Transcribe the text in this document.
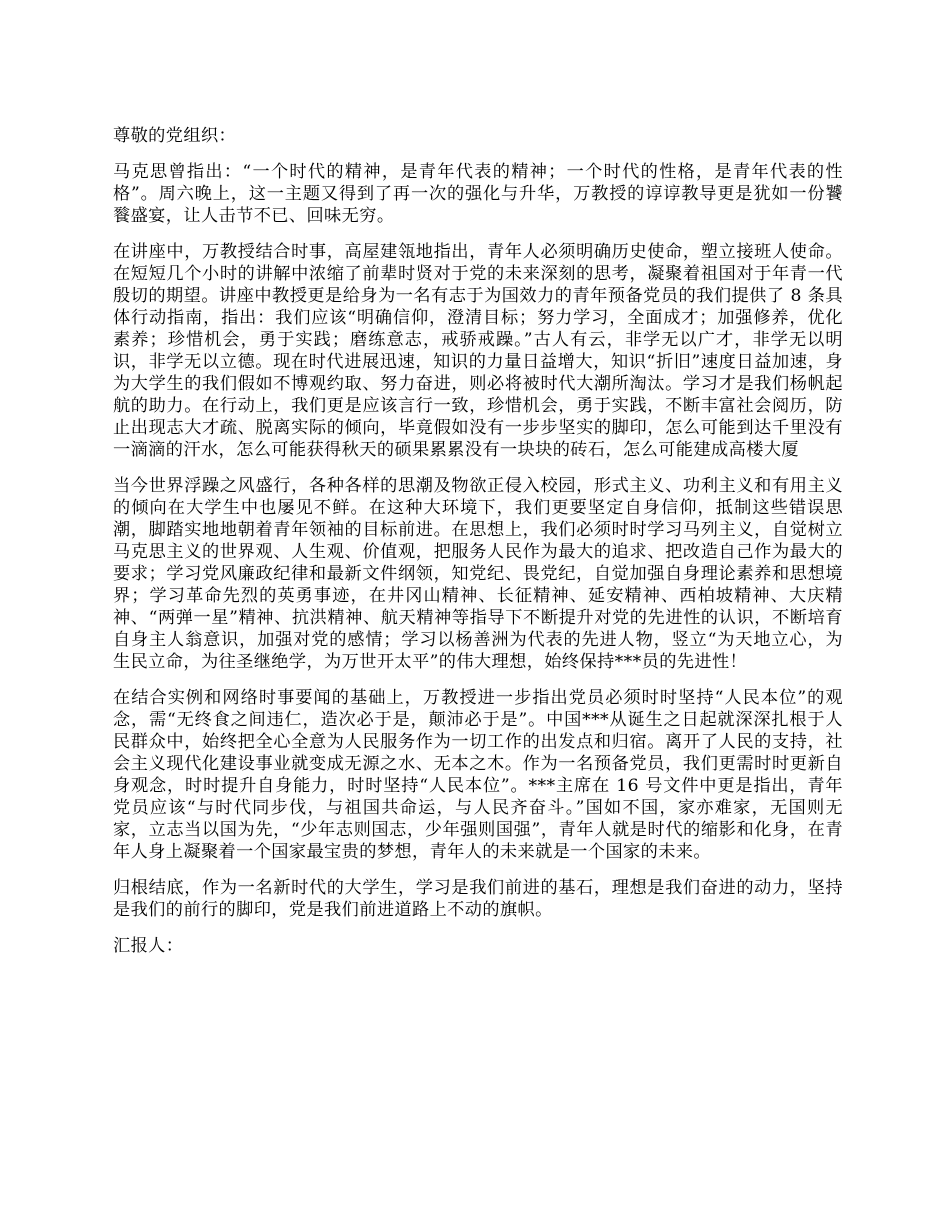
尊敬的党组织：

马克思曾指出：“一个时代的精神，是青年代表的精神；一个时代的性格，是青年代表的性格”。周六晚上，这一主题又得到了再一次的强化与升华，万教授的谆谆教导更是犹如一份饕餮盛宴，让人击节不已、回味无穷。

在讲座中，万教授结合时事，高屋建瓴地指出，青年人必须明确历史使命，塑立接班人使命。在短短几个小时的讲解中浓缩了前辈时贤对于党的未来深刻的思考，凝聚着祖国对于年青一代殷切的期望。讲座中教授更是给身为一名有志于为国效力的青年预备党员的我们提供了 8 条具体行动指南，指出：我们应该“明确信仰，澄清目标；努力学习，全面成才；加强修养，优化素养；珍惜机会，勇于实践；磨练意志，戒骄戒躁。”古人有云，非学无以广才，非学无以明识，非学无以立德。现在时代进展迅速，知识的力量日益增大，知识“折旧”速度日益加速，身为大学生的我们假如不博观约取、努力奋进，则必将被时代大潮所淘汰。学习才是我们杨帆起航的助力。在行动上，我们更是应该言行一致，珍惜机会，勇于实践，不断丰富社会阅历，防止出现志大才疏、脱离实际的倾向，毕竟假如没有一步步坚实的脚印，怎么可能到达千里没有一滴滴的汗水，怎么可能获得秋天的硕果累累没有一块块的砖石，怎么可能建成高楼大厦

当今世界浮躁之风盛行，各种各样的思潮及物欲正侵入校园，形式主义、功利主义和有用主义的倾向在大学生中也屡见不鲜。在这种大环境下，我们更要坚定自身信仰，抵制这些错误思潮，脚踏实地地朝着青年领袖的目标前进。在思想上，我们必须时时学习马列主义，自觉树立马克思主义的世界观、人生观、价值观，把服务人民作为最大的追求、把改造自己作为最大的要求；学习党风廉政纪律和最新文件纲领，知党纪、畏党纪，自觉加强自身理论素养和思想境界；学习革命先烈的英勇事迹，在井冈山精神、长征精神、延安精神、西柏坡精神、大庆精神、“两弹一星”精神、抗洪精神、航天精神等指导下不断提升对党的先进性的认识，不断培育自身主人翁意识，加强对党的感情；学习以杨善洲为代表的先进人物，竖立“为天地立心，为生民立命，为往圣继绝学，为万世开太平”的伟大理想，始终保持***员的先进性！

在结合实例和网络时事要闻的基础上，万教授进一步指出党员必须时时坚持“人民本位”的观念，需“无终食之间违仁，造次必于是，颠沛必于是”。中国***从诞生之日起就深深扎根于人民群众中，始终把全心全意为人民服务作为一切工作的出发点和归宿。离开了人民的支持，社会主义现代化建设事业就变成无源之水、无本之木。作为一名预备党员，我们更需时时更新自身观念，时时提升自身能力，时时坚持“人民本位”。***主席在 16 号文件中更是指出，青年党员应该“与时代同步伐，与祖国共命运，与人民齐奋斗。”国如不国，家亦难家，无国则无家，立志当以国为先，“少年志则国志，少年强则国强”，青年人就是时代的缩影和化身，在青年人身上凝聚着一个国家最宝贵的梦想，青年人的未来就是一个国家的未来。

归根结底，作为一名新时代的大学生，学习是我们前进的基石，理想是我们奋进的动力，坚持是我们的前行的脚印，党是我们前进道路上不动的旗帜。

汇报人：
